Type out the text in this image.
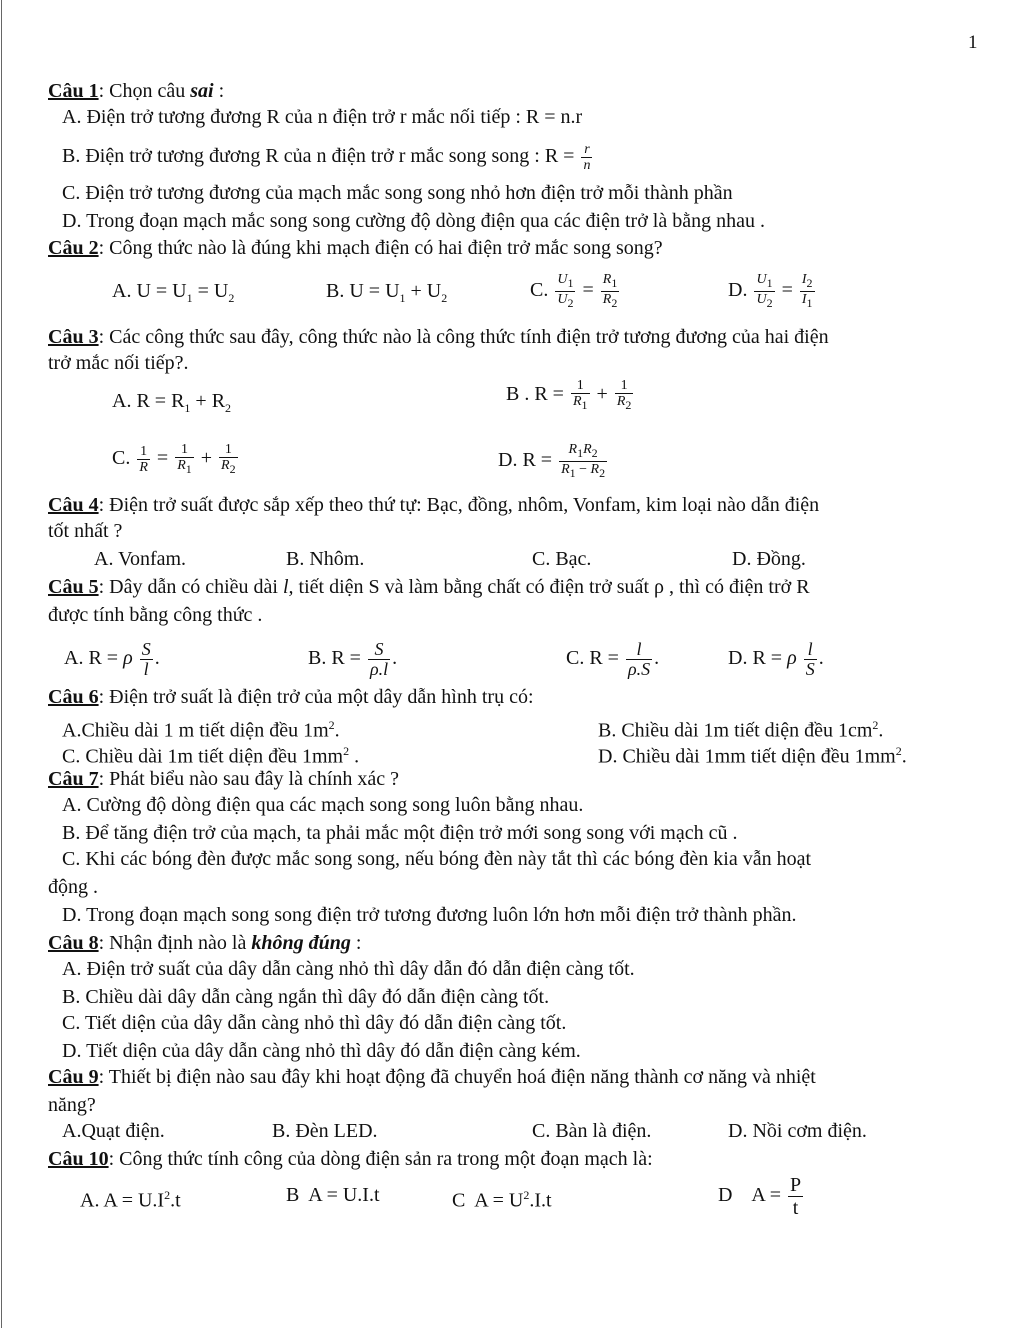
1
Câu 1: Chọn câu sai :
A. Điện trở tương đương R của n điện trở r mắc nối tiếp : R = n.r
B. Điện trở tương đương R của n điện trở r mắc song song : $R = \frac{r}{n}$
C. Điện trở tương đương của mạch mắc song song nhỏ hơn điện trở mỗi thành phần
D. Trong đoạn mạch mắc song song cường độ dòng điện qua các điện trở là bằng nhau .
Câu 2: Công thức nào là đúng khi mạch điện có hai điện trở mắc song song?
A. $U = U_1 = U_2$	B. $U = U_1 + U_2$	C. $\frac{U_1}{U_2} = \frac{R_1}{R_2}$	D. $\frac{U_1}{U_2} = \frac{I_2}{I_1}$
Câu 3: Các công thức sau đây, công thức nào là công thức tính điện trở tương đương của hai điện
trở mắc nối tiếp?.
A. $R = R_1 + R_2$
B . $R = \frac{1}{R_1} + \frac{1}{R_2}$
C. $\frac{1}{R} = \frac{1}{R_1} + \frac{1}{R_2}$	D. $R = \frac{R_1R_2}{R_1 - R_2}$
Câu 4: Điện trở suất được sắp xếp theo thứ tự: Bạc, đồng, nhôm, Vonfam, kim loại nào dẫn điện
tốt nhất ?
A. Vonfam.	B. Nhôm.	C. Bạc.	D. Đồng.
Câu 5: Dây dẫn có chiều dài l, tiết diện S và làm bằng chất có điện trở suất ρ , thì có điện trở R
được tính bằng công thức .
A. R = ρ $\frac{S}{l}$ .	B. $R = \frac{S}{\rho.l}$ .	C. $R = \frac{l}{\rho.S}$ .	D. R = ρ $\frac{l}{S}$ .
Câu 6: Điện trở suất là điện trở của một dây dẫn hình trụ có:
A.Chiều dài 1 m tiết diện đều $1m^2$.	B. Chiều dài 1m tiết diện đều $1cm^2$.
C. Chiều dài 1m tiết diện đều $1mm^2$ .	D. Chiều dài 1mm tiết diện đều $1mm^2$.
Câu 7: Phát biểu nào sau đây là chính xác ?
A. Cường độ dòng điện qua các mạch song song luôn bằng nhau.
B. Để tăng điện trở của mạch, ta phải mắc một điện trở mới song song với mạch cũ .
C. Khi các bóng đèn được mắc song song, nếu bóng đèn này tắt thì các bóng đèn kia vẫn hoạt
động .
D. Trong đoạn mạch song song điện trở tương đương luôn lớn hơn mỗi điện trở thành phần.
Câu 8: Nhận định nào là không đúng :
A. Điện trở suất của dây dẫn càng nhỏ thì dây dẫn đó dẫn điện càng tốt.
B. Chiều dài dây dẫn càng ngắn thì dây đó dẫn điện càng tốt.
C. Tiết diện của dây dẫn càng nhỏ thì dây đó dẫn điện càng tốt.
D. Tiết diện của dây dẫn càng nhỏ thì dây đó dẫn điện càng kém.
Câu 9: Thiết bị điện nào sau đây khi hoạt động đã chuyển hoá điện năng thành cơ năng và nhiệt
năng?
A.Quạt điện.	B. Đèn LED.	C. Bàn là điện.	D. Nồi cơm điện.
Câu 10: Công thức tính công của dòng điện sản ra trong một đoạn mạch là:
A. $A = U.I^2.t$	B  A = U.I.t	C  $A = U^2.I.t$	D    $A = \frac{P}{t}$
